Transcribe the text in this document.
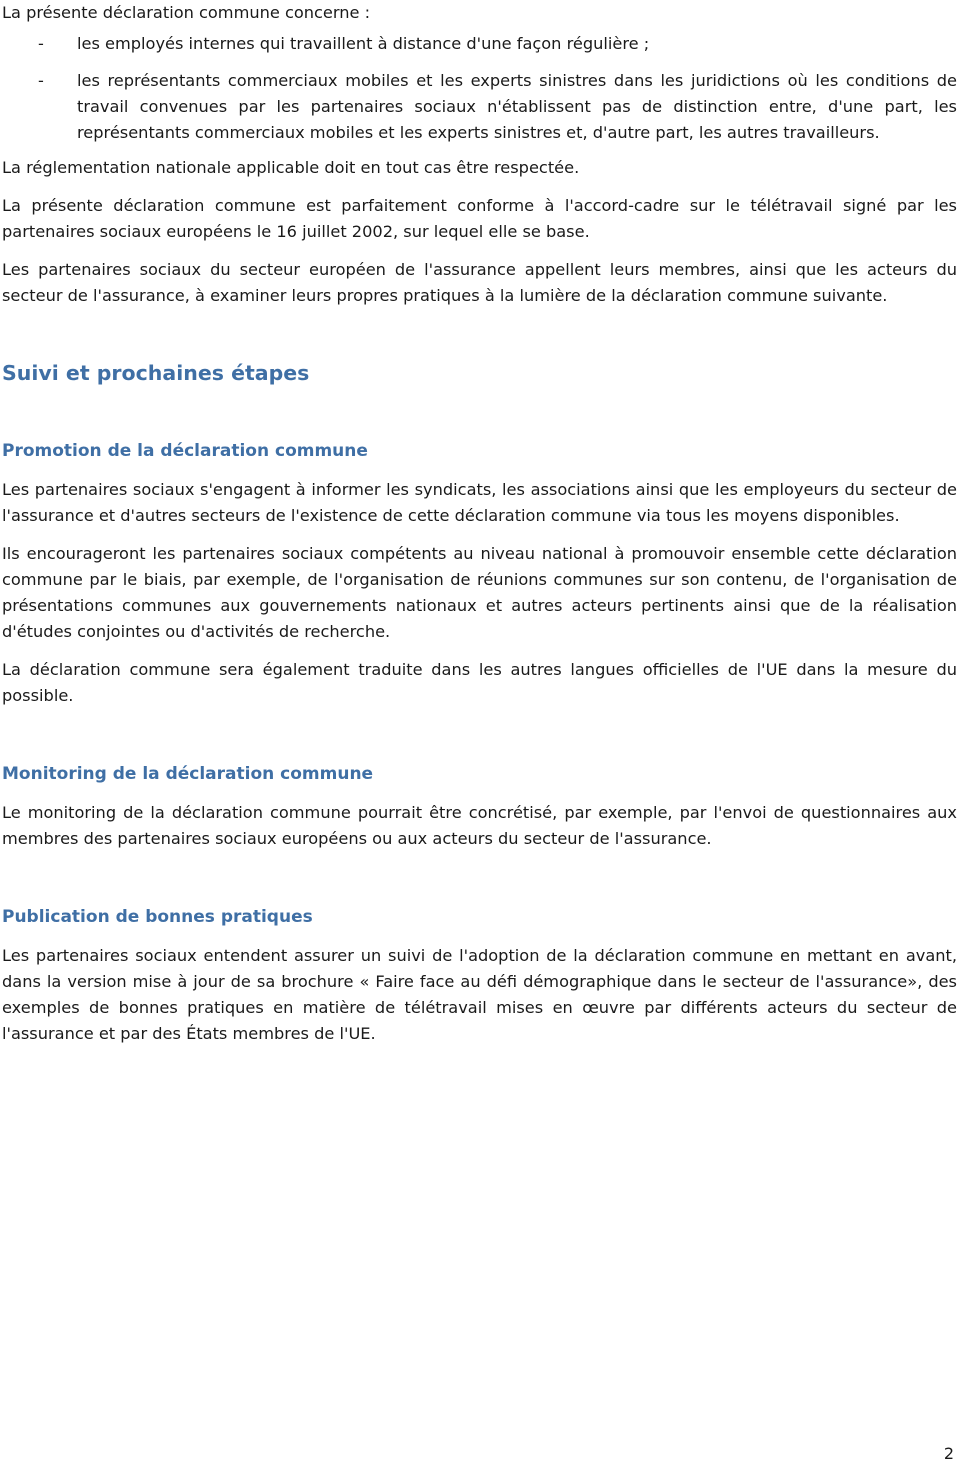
La présente déclaration commune concerne :

- les employés internes qui travaillent à distance d'une façon régulière ;
- les représentants commerciaux mobiles et les experts sinistres dans les juridictions où les conditions de travail convenues par les partenaires sociaux n'établissent pas de distinction entre, d'une part, les représentants commerciaux mobiles et les experts sinistres et, d'autre part, les autres travailleurs.

La réglementation nationale applicable doit en tout cas être respectée.

La présente déclaration commune est parfaitement conforme à l'accord-cadre sur le télétravail signé par les partenaires sociaux européens le 16 juillet 2002, sur lequel elle se base.

Les partenaires sociaux du secteur européen de l'assurance appellent leurs membres, ainsi que les acteurs du secteur de l'assurance, à examiner leurs propres pratiques à la lumière de la déclaration commune suivante.

Suivi et prochaines étapes
Promotion de la déclaration commune

Les partenaires sociaux s'engagent à informer les syndicats, les associations ainsi que les employeurs du secteur de l'assurance et d'autres secteurs de l'existence de cette déclaration commune via tous les moyens disponibles.

Ils encourageront les partenaires sociaux compétents au niveau national à promouvoir ensemble cette déclaration commune par le biais, par exemple, de l'organisation de réunions communes sur son contenu, de l'organisation de présentations communes aux gouvernements nationaux et autres acteurs pertinents ainsi que de la réalisation d'études conjointes ou d'activités de recherche.

La déclaration commune sera également traduite dans les autres langues officielles de l'UE dans la mesure du possible.

Monitoring de la déclaration commune

Le monitoring de la déclaration commune pourrait être concrétisé, par exemple, par l'envoi de questionnaires aux membres des partenaires sociaux européens ou aux acteurs du secteur de l'assurance.

Publication de bonnes pratiques

Les partenaires sociaux entendent assurer un suivi de l'adoption de la déclaration commune en mettant en avant, dans la version mise à jour de sa brochure « Faire face au défi démographique dans le secteur de l'assurance», des exemples de bonnes pratiques en matière de télétravail mises en œuvre par différents acteurs du secteur de l'assurance et par des États membres de l'UE.

2
